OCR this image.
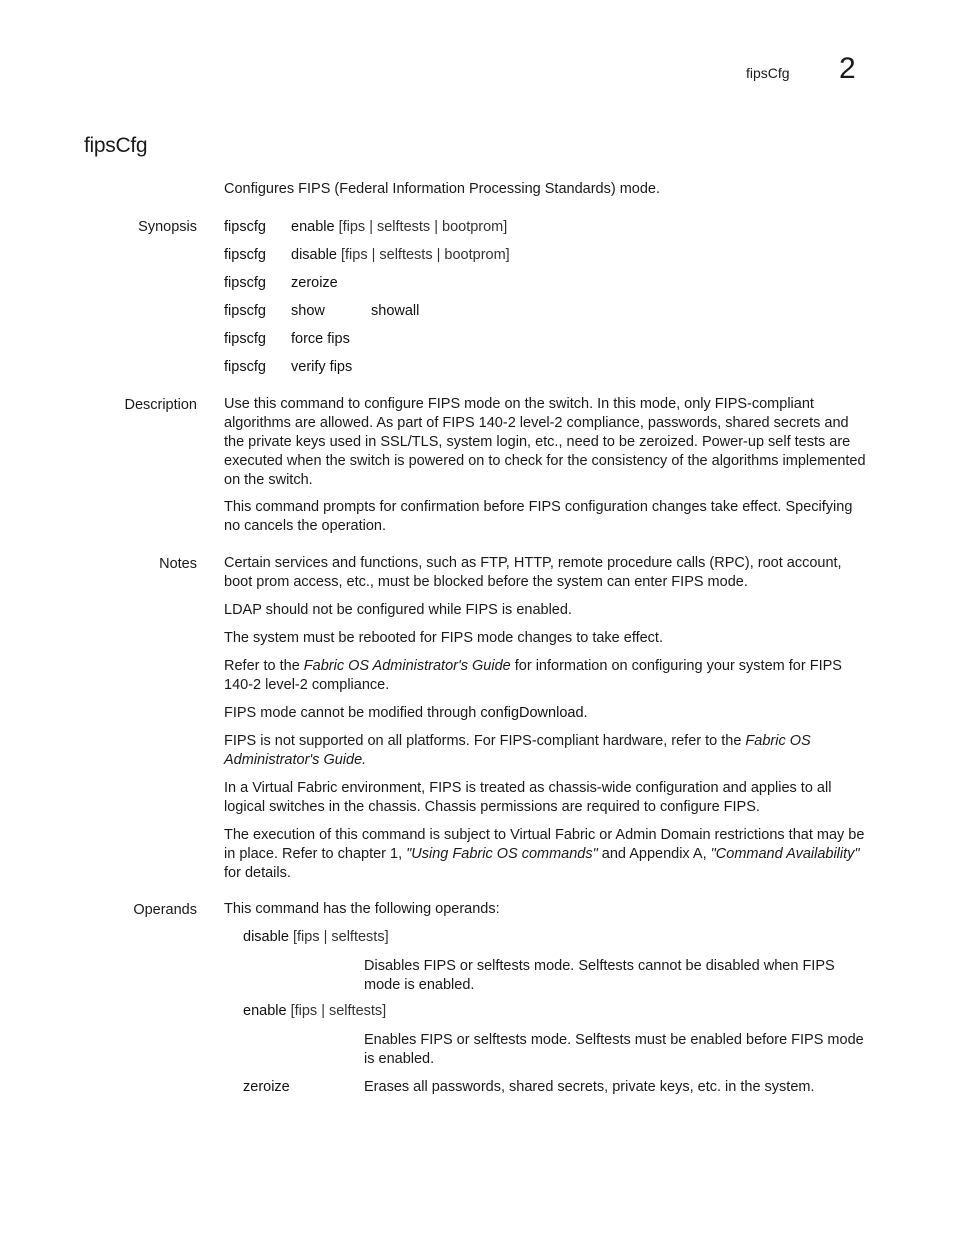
fipsCfg 2
fipsCfg
Configures FIPS (Federal Information Processing Standards) mode.
Synopsis fipscfg enable [fips | selftests | bootprom]
fipscfg disable [fips | selftests | bootprom]
fipscfg zeroize
fipscfg show	showall
fipscfg force fips
fipscfg verify fips
Description Use this command to configure FIPS mode on the switch. In this mode, only FIPS-compliant algorithms are allowed. As part of FIPS 140-2 level-2 compliance, passwords, shared secrets and the private keys used in SSL/TLS, system login, etc., need to be zeroized. Power-up self tests are executed when the switch is powered on to check for the consistency of the algorithms implemented on the switch.
This command prompts for confirmation before FIPS configuration changes take effect. Specifying no cancels the operation.
Notes Certain services and functions, such as FTP, HTTP, remote procedure calls (RPC), root account, boot prom access, etc., must be blocked before the system can enter FIPS mode.
LDAP should not be configured while FIPS is enabled.
The system must be rebooted for FIPS mode changes to take effect.
Refer to the Fabric OS Administrator's Guide for information on configuring your system for FIPS 140-2 level-2 compliance.
FIPS mode cannot be modified through configDownload.
FIPS is not supported on all platforms. For FIPS-compliant hardware, refer to the Fabric OS Administrator's Guide.
In a Virtual Fabric environment, FIPS is treated as chassis-wide configuration and applies to all logical switches in the chassis. Chassis permissions are required to configure FIPS.
The execution of this command is subject to Virtual Fabric or Admin Domain restrictions that may be in place. Refer to chapter 1, "Using Fabric OS commands" and Appendix A, "Command Availability" for details.
Operands This command has the following operands:
disable [fips | selftests]
Disables FIPS or selftests mode. Selftests cannot be disabled when FIPS mode is enabled.
enable [fips | selftests]
Enables FIPS or selftests mode. Selftests must be enabled before FIPS mode is enabled.
zeroize	Erases all passwords, shared secrets, private keys, etc. in the system.
